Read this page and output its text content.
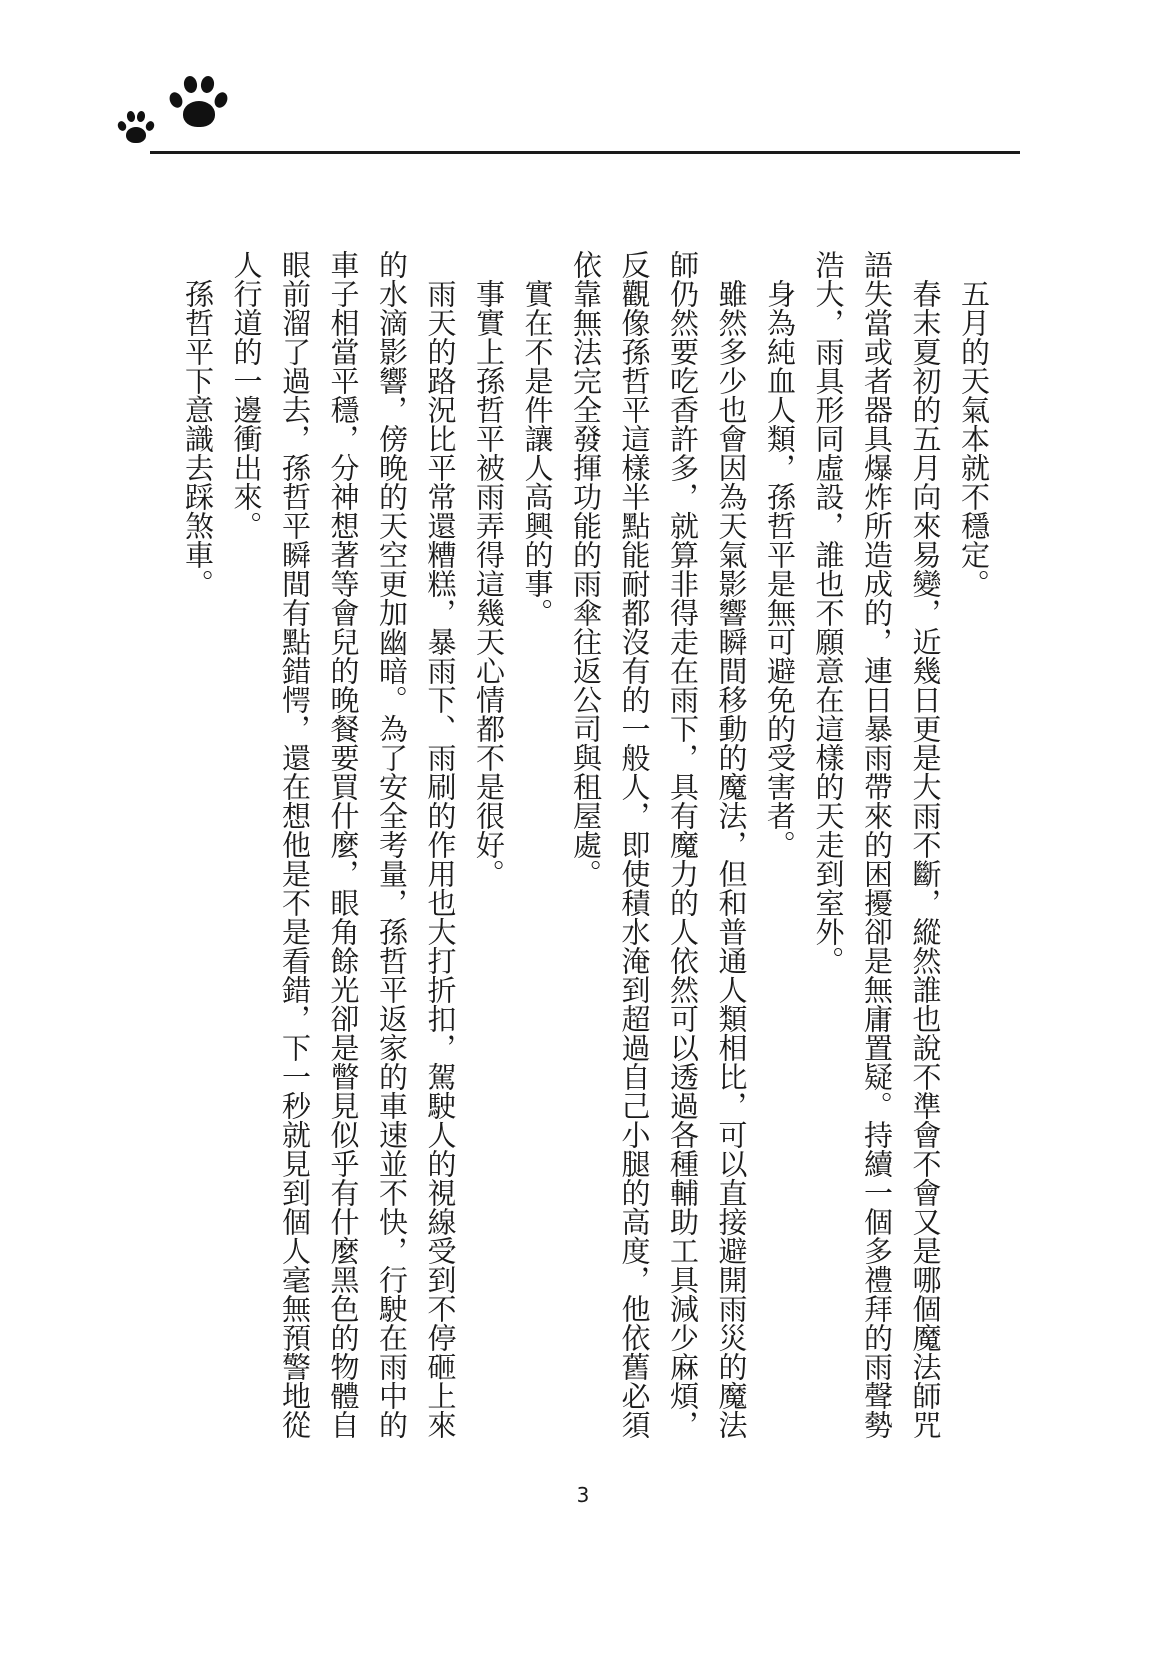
五月的天氣本就不穩定。

春末夏初的五月向來易變，近幾日更是大雨不斷，縱然誰也說不準會不會又是哪個魔法師咒語失當或者器具爆炸所造成的，連日暴雨帶來的困擾卻是無庸置疑。持續一個多禮拜的雨聲勢浩大，雨具形同虛設，誰也不願意在這樣的天走到室外。

身為純血人類，孫哲平是無可避免的受害者。

雖然多少也會因為天氣影響瞬間移動的魔法，但和普通人類相比，可以直接避開雨災的魔法師仍然要吃香許多，就算非得走在雨下，具有魔力的人依然可以透過各種輔助工具減少麻煩，反觀像孫哲平這樣半點能耐都沒有的一般人，即使積水淹到超過自己小腿的高度，他依舊必須依靠無法完全發揮功能的雨傘往返公司與租屋處。

實在不是件讓人高興的事。

事實上孫哲平被雨弄得這幾天心情都不是很好。

雨天的路況比平常還糟糕，暴雨下、雨刷的作用也大打折扣，駕駛人的視線受到不停砸上來的水滴影響，傍晚的天空更加幽暗。為了安全考量，孫哲平返家的車速並不快，行駛在雨中的車子相當平穩，分神想著等會兒的晚餐要買什麼，眼角餘光卻是瞥見似乎有什麼黑色的物體自眼前溜了過去，孫哲平瞬間有點錯愕，還在想他是不是看錯，下一秒就見到個人毫無預警地從人行道的一邊衝出來。

孫哲平下意識去踩煞車。

3
